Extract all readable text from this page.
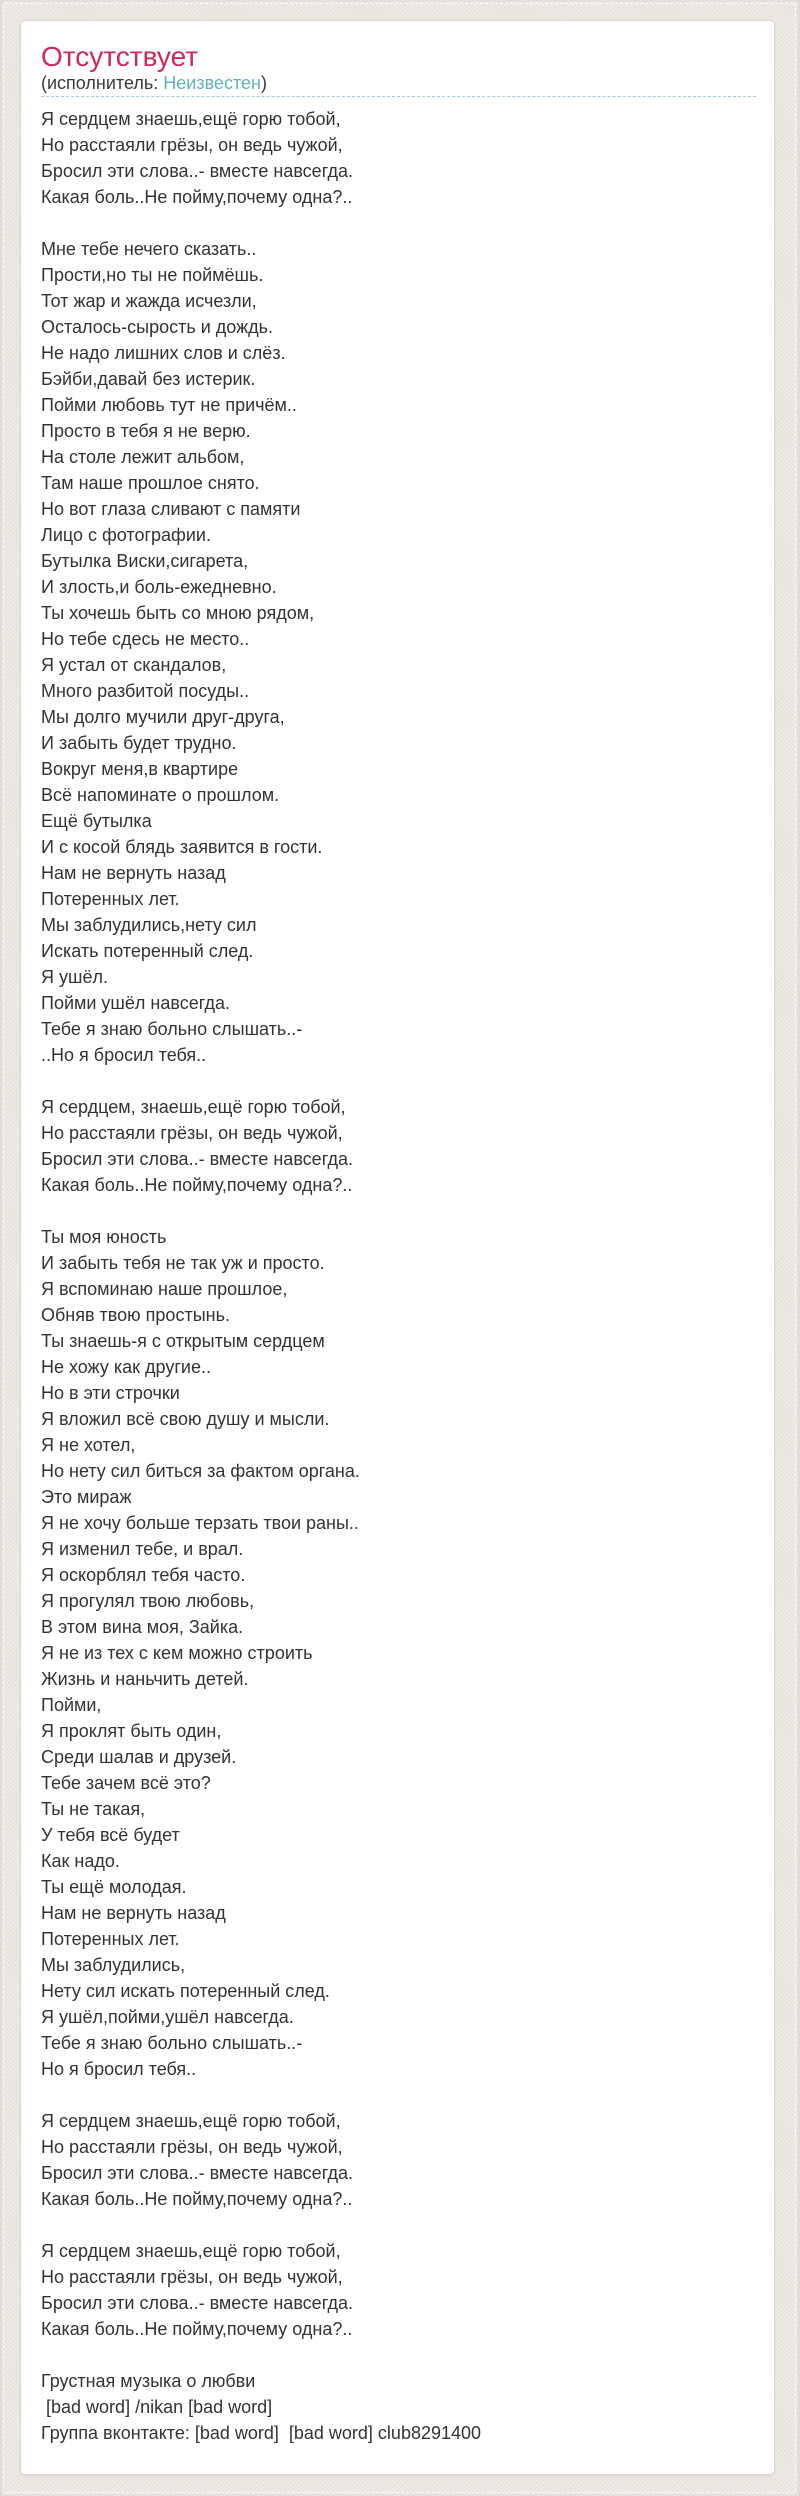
Отсутствует
(исполнитель: Неизвестен)
Я сердцем знаешь,ещё горю тобой,
Но расстаяли грёзы, он ведь чужой,
Бросил эти слова..- вместе навсегда.
Какая боль..Не пойму,почему одна?..
Мне тебе нечего сказать..
Прости,но ты не поймёшь.
Тот жар и жажда исчезли,
Осталось-сырость и дождь.
Не надо лишних слов и слёз.
Бэйби,давай без истерик.
Пойми любовь тут не причём..
Просто в тебя я не верю.
На столе лежит альбом,
Там наше прошлое снято.
Но вот глаза сливают с памяти
Лицо с фотографии.
Бутылка Виски,сигарета,
И злость,и боль-ежедневно.
Ты хочешь быть со мною рядом,
Но тебе сдесь не место..
Я устал от скандалов,
Много разбитой посуды..
Мы долго мучили друг-друга,
И забыть будет трудно.
Вокруг меня,в квартире
Всё напоминате о прошлом.
Ещё бутылка
И с косой блядь заявится в гости.
Нам не вернуть назад
Потеренных лет.
Мы заблудились,нету сил
Искать потеренный след.
Я ушёл.
Пойми ушёл навсегда.
Тебе я знаю больно слышать..-
..Но я бросил тебя..
Я сердцем, знаешь,ещё горю тобой,
Но расстаяли грёзы, он ведь чужой,
Бросил эти слова..- вместе навсегда.
Какая боль..Не пойму,почему одна?..
Ты моя юность
И забыть тебя не так уж и просто.
Я вспоминаю наше прошлое,
Обняв твою простынь.
Ты знаешь-я с открытым сердцем
Не хожу как другие..
Но в эти строчки
Я вложил всё свою душу и мысли.
Я не хотел,
Но нету сил биться за фактом органа.
Это мираж
Я не хочу больше терзать твои раны..
Я изменил тебе, и врал.
Я оскорблял тебя часто.
Я прогулял твою любовь,
В этом вина моя, Зайка.
Я не из тех с кем можно строить
Жизнь и наньчить детей.
Пойми,
Я проклят быть один,
Среди шалав и друзей.
Тебе зачем всё это?
Ты не такая,
У тебя всё будет
Как надо.
Ты ещё молодая.
Нам не вернуть назад
Потеренных лет.
Мы заблудились,
Нету сил искать потеренный след.
Я ушёл,пойми,ушёл навсегда.
Тебе я знаю больно слышать..-
Но я бросил тебя..
Я сердцем знаешь,ещё горю тобой,
Но расстаяли грёзы, он ведь чужой,
Бросил эти слова..- вместе навсегда.
Какая боль..Не пойму,почему одна?..
Я сердцем знаешь,ещё горю тобой,
Но расстаяли грёзы, он ведь чужой,
Бросил эти слова..- вместе навсегда.
Какая боль..Не пойму,почему одна?..
Грустная музыка о любви
[bad word] /nikan [bad word]
Группа вконтакте: [bad word]  [bad word] club8291400
